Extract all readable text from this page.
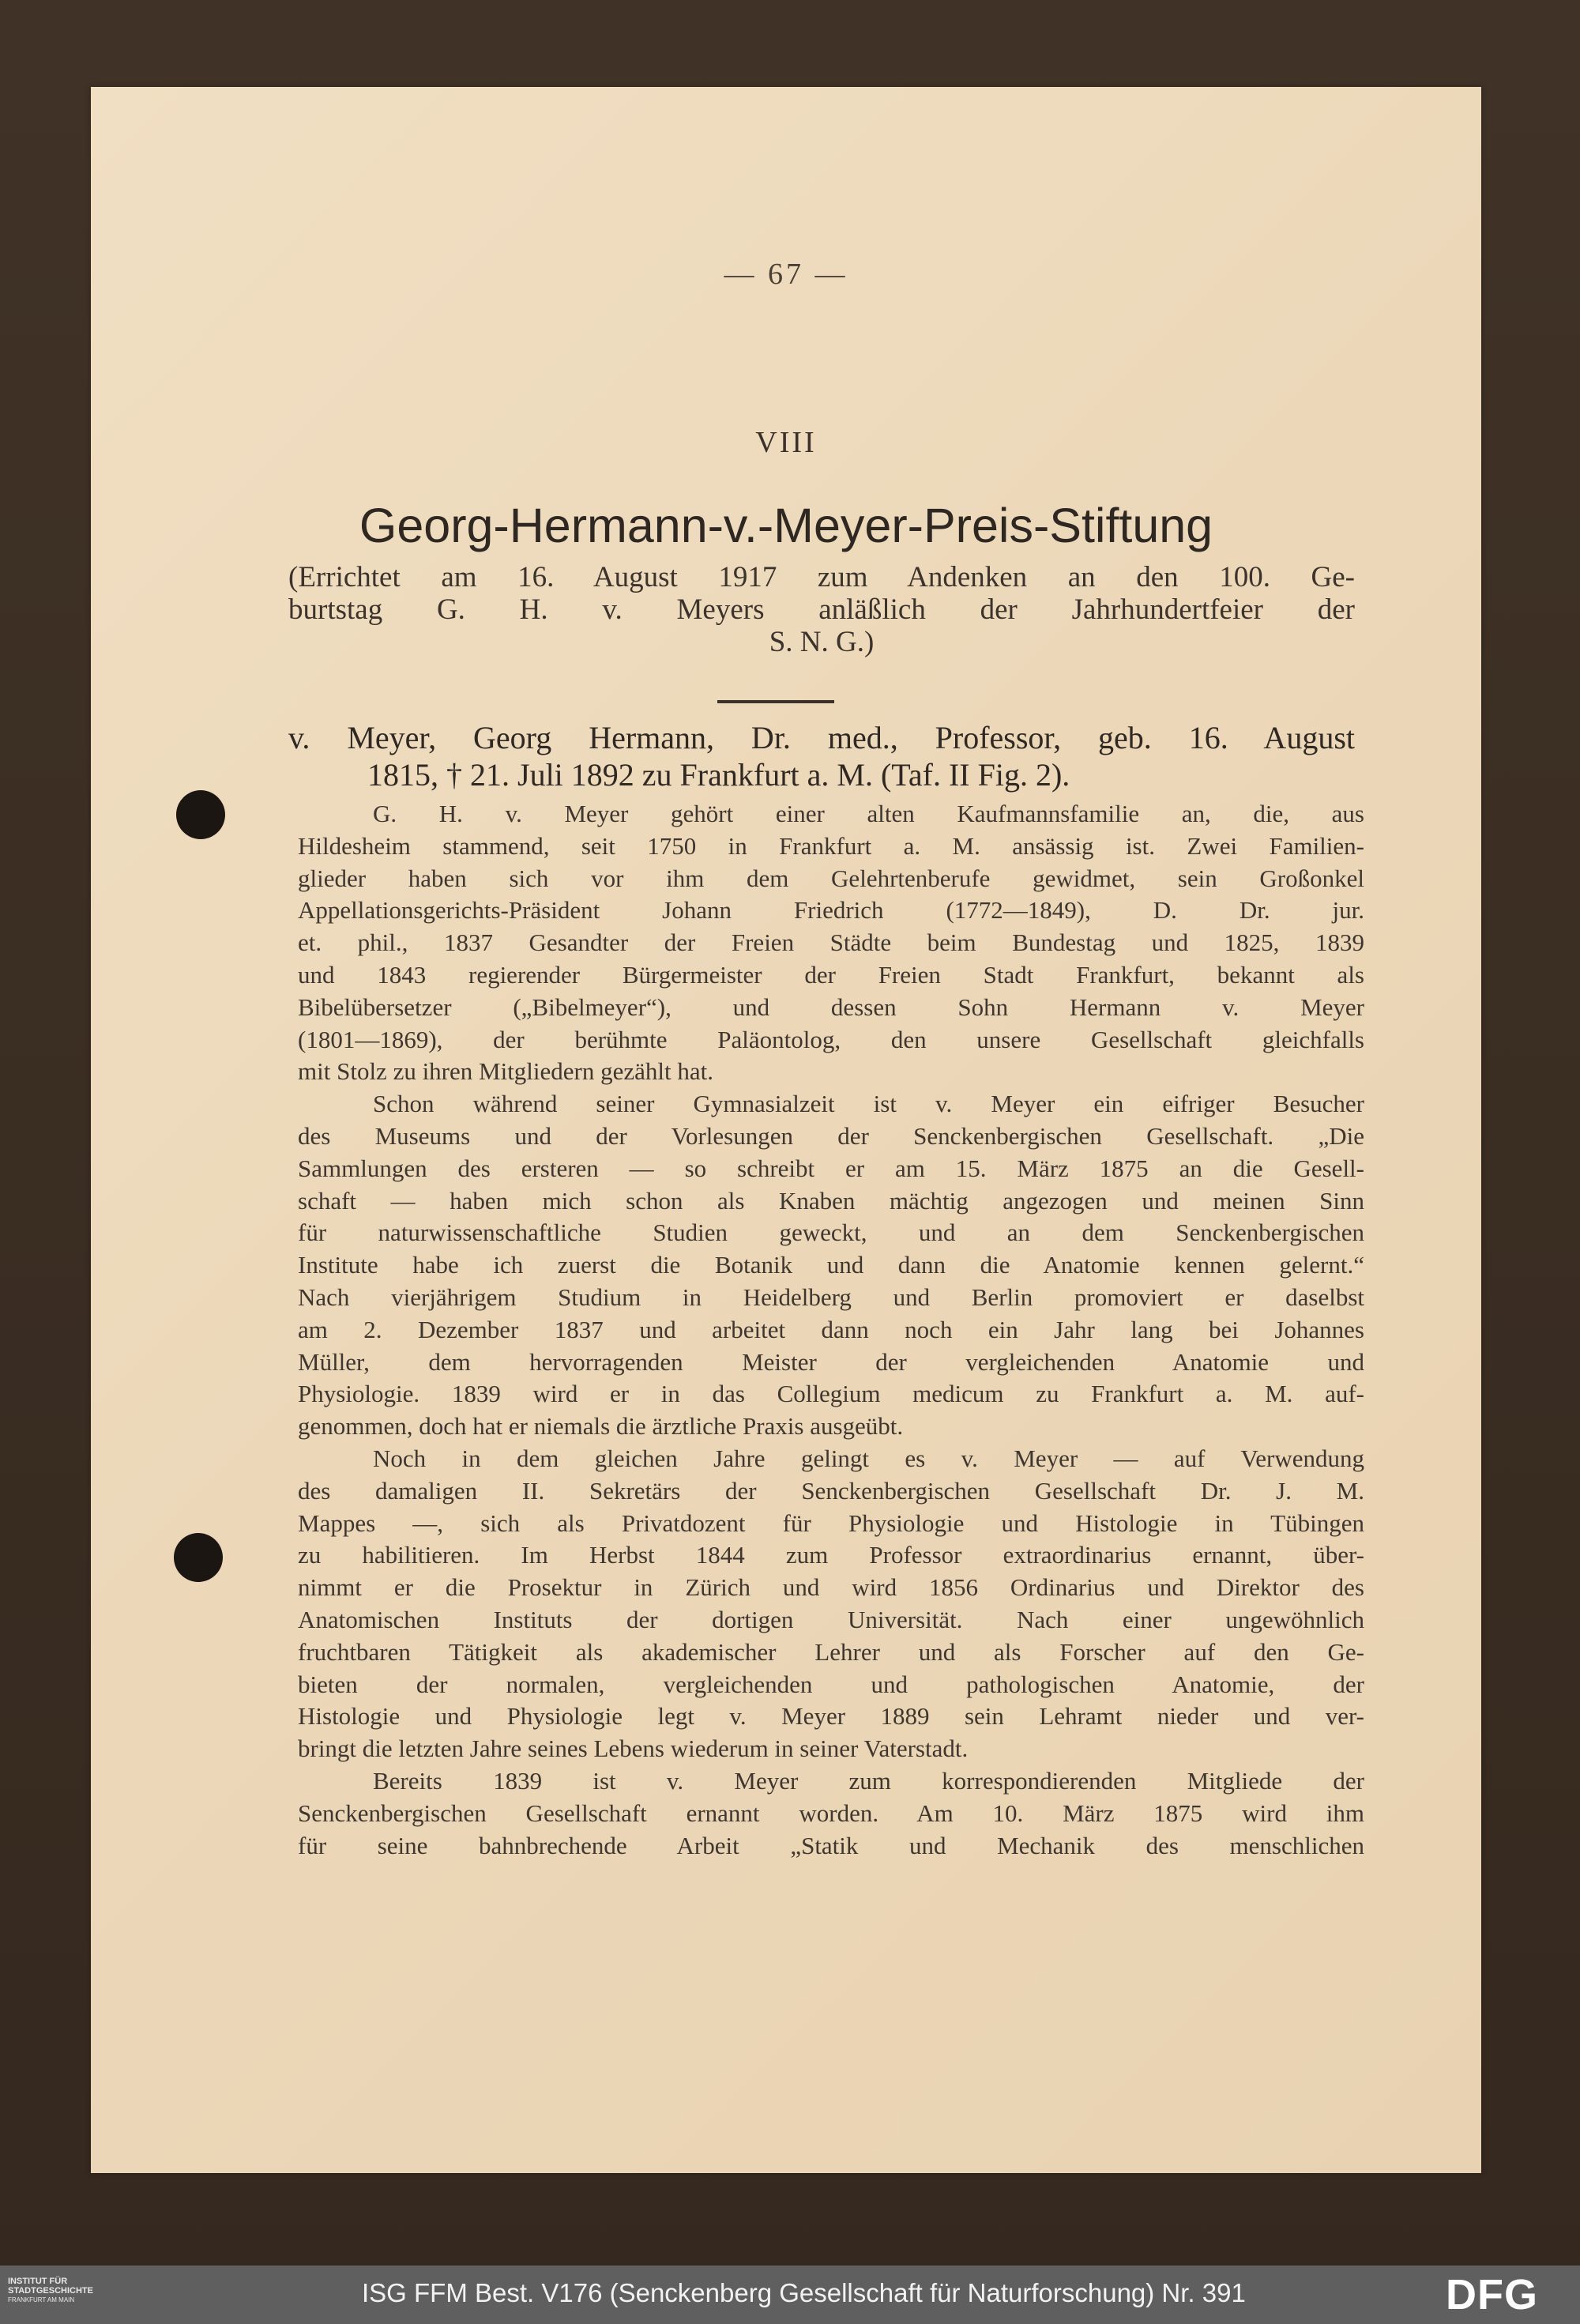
— 67 —
VIII
Georg-Hermann-v.-Meyer-Preis-Stiftung
(Errichtet am 16. August 1917 zum Andenken an den 100. Ge-
burtstag G. H. v. Meyers anläßlich der Jahrhundertfeier der
S. N. G.)
v. Meyer, Georg Hermann, Dr. med., Professor, geb. 16. August
1815, † 21. Juli 1892 zu Frankfurt a. M. (Taf. II Fig. 2).
G. H. v. Meyer gehört einer alten Kaufmannsfamilie an, die, aus
Hildesheim stammend, seit 1750 in Frankfurt a. M. ansässig ist. Zwei Familien-
glieder haben sich vor ihm dem Gelehrtenberufe gewidmet, sein Großonkel
Appellationsgerichts-Präsident Johann Friedrich (1772—1849), D. Dr. jur.
et. phil., 1837 Gesandter der Freien Städte beim Bundestag und 1825, 1839
und 1843 regierender Bürgermeister der Freien Stadt Frankfurt, bekannt als
Bibelübersetzer („Bibelmeyer“), und dessen Sohn Hermann v. Meyer
(1801—1869), der berühmte Paläontolog, den unsere Gesellschaft gleichfalls
mit Stolz zu ihren Mitgliedern gezählt hat.
Schon während seiner Gymnasialzeit ist v. Meyer ein eifriger Besucher
des Museums und der Vorlesungen der Senckenbergischen Gesellschaft. „Die
Sammlungen des ersteren — so schreibt er am 15. März 1875 an die Gesell-
schaft — haben mich schon als Knaben mächtig angezogen und meinen Sinn
für naturwissenschaftliche Studien geweckt, und an dem Senckenbergischen
Institute habe ich zuerst die Botanik und dann die Anatomie kennen gelernt.“
Nach vierjährigem Studium in Heidelberg und Berlin promoviert er daselbst
am 2. Dezember 1837 und arbeitet dann noch ein Jahr lang bei Johannes
Müller, dem hervorragenden Meister der vergleichenden Anatomie und
Physiologie. 1839 wird er in das Collegium medicum zu Frankfurt a. M. auf-
genommen, doch hat er niemals die ärztliche Praxis ausgeübt.
Noch in dem gleichen Jahre gelingt es v. Meyer — auf Verwendung
des damaligen II. Sekretärs der Senckenbergischen Gesellschaft Dr. J. M.
Mappes —, sich als Privatdozent für Physiologie und Histologie in Tübingen
zu habilitieren. Im Herbst 1844 zum Professor extraordinarius ernannt, über-
nimmt er die Prosektur in Zürich und wird 1856 Ordinarius und Direktor des
Anatomischen Instituts der dortigen Universität. Nach einer ungewöhnlich
fruchtbaren Tätigkeit als akademischer Lehrer und als Forscher auf den Ge-
bieten der normalen, vergleichenden und pathologischen Anatomie, der
Histologie und Physiologie legt v. Meyer 1889 sein Lehramt nieder und ver-
bringt die letzten Jahre seines Lebens wiederum in seiner Vaterstadt.
Bereits 1839 ist v. Meyer zum korrespondierenden Mitgliede der
Senckenbergischen Gesellschaft ernannt worden. Am 10. März 1875 wird ihm
für seine bahnbrechende Arbeit „Statik und Mechanik des menschlichen
INSTITUT FÜR
STADTGESCHICHTE
FRANKFURT AM MAIN	ISG FFM Best. V176 (Senckenberg Gesellschaft für Naturforschung) Nr. 391	DFG
